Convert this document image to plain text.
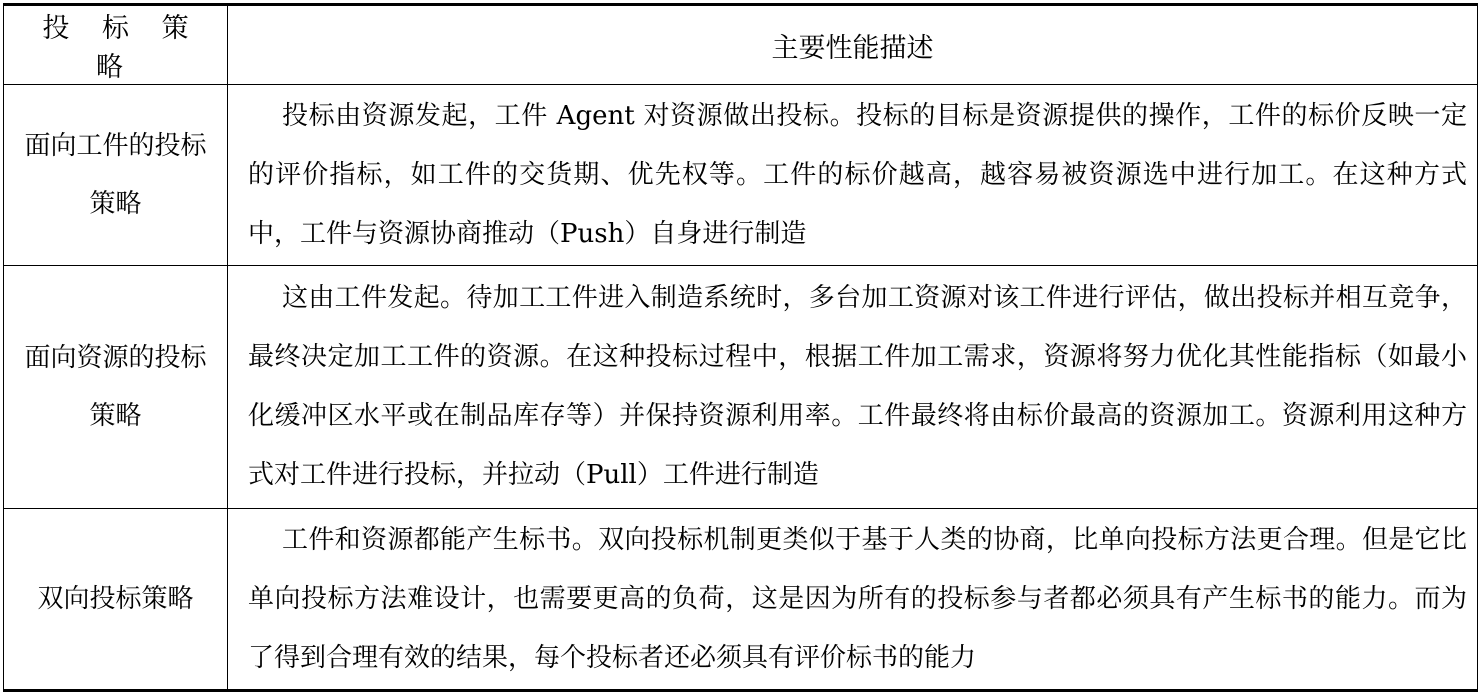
投 标 策 略	主要性能描述

面向工件的投标策略	投标由资源发起，工件 Agent 对资源做出投标。投标的目标是资源提供的操作，工件的标价反映一定的评价指标，如工件的交货期、优先权等。工件的标价越高，越容易被资源选中进行加工。在这种方式中，工件与资源协商推动（Push）自身进行制造

面向资源的投标策略	这由工件发起。待加工工件进入制造系统时，多台加工资源对该工件进行评估，做出投标并相互竞争，最终决定加工工件的资源。在这种投标过程中，根据工件加工需求，资源将努力优化其性能指标（如最小化缓冲区水平或在制品库存等）并保持资源利用率。工件最终将由标价最高的资源加工。资源利用这种方式对工件进行投标，并拉动（Pull）工件进行制造

双向投标策略	工件和资源都能产生标书。双向投标机制更类似于基于人类的协商，比单向投标方法更合理。但是它比单向投标方法难设计，也需要更高的负荷，这是因为所有的投标参与者都必须具有产生标书的能力。而为了得到合理有效的结果，每个投标者还必须具有评价标书的能力
